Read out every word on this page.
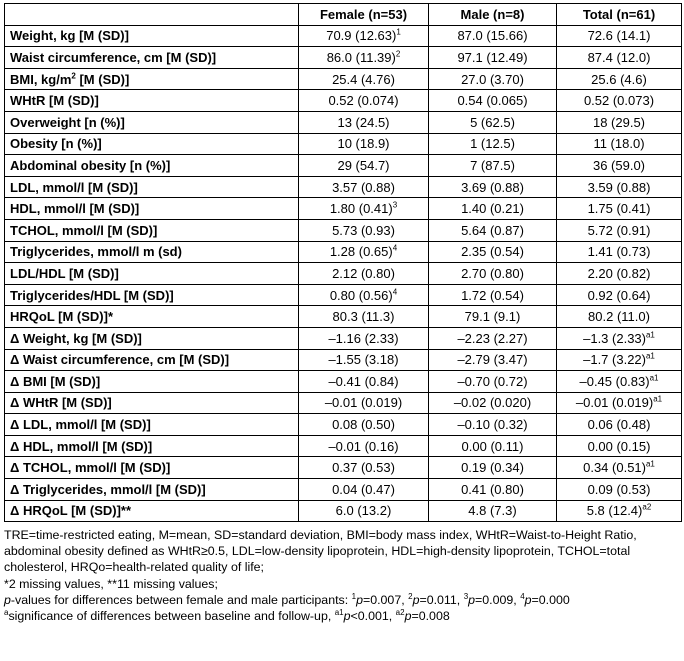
	Female (n=53)	Male (n=8)	Total (n=61)
Weight, kg [M (SD)]	70.9 $(12.63)^1$	87.0 (15.66)	72.6 (14.1)
Waist circumference, cm [M (SD)]	86.0 $(11.39)^2$	97.1 (12.49)	87.4 (12.0)
BMI, $kg/m^2$ [M (SD)]	25.4 (4.76)	27.0 (3.70)	25.6 (4.6)
WHtR [M (SD)]	0.52 (0.074)	0.54 (0.065)	0.52 (0.073)
Overweight [n (%)]	13 (24.5)	5 (62.5)	18 (29.5)
Obesity [n (%)]	10 (18.9)	1 (12.5)	11 (18.0)
Abdominal obesity [n (%)]	29 (54.7)	7 (87.5)	36 (59.0)
LDL, mmol/l [M (SD)]	3.57 (0.88)	3.69 (0.88)	3.59 (0.88)
HDL, mmol/l [M (SD)]	1.80 $(0.41)^3$	1.40 (0.21)	1.75 (0.41)
TCHOL, mmol/l [M (SD)]	5.73 (0.93)	5.64 (0.87)	5.72 (0.91)
Triglycerides, mmol/l m (sd)	1.28 $(0.65)^4$	2.35 (0.54)	1.41 (0.73)
LDL/HDL [M (SD)]	2.12 (0.80)	2.70 (0.80)	2.20 (0.82)
Triglycerides/HDL [M (SD)]	0.80 $(0.56)^4$	1.72 (0.54)	0.92 (0.64)
HRQoL [M (SD)]*	80.3 (11.3)	79.1 (9.1)	80.2 (11.0)
Δ Weight, kg [M (SD)]	–1.16 (2.33)	–2.23 (2.27)	–1.3 $(2.33)^{a1}$
Δ Waist circumference, cm [M (SD)]	–1.55 (3.18)	–2.79 (3.47)	–1.7 $(3.22)^{a1}$
Δ BMI [M (SD)]	–0.41 (0.84)	–0.70 (0.72)	–0.45 $(0.83)^{a1}$
Δ WHtR [M (SD)]	–0.01 (0.019)	–0.02 (0.020)	–0.01 $(0.019)^{a1}$
Δ LDL, mmol/l [M (SD)]	0.08 (0.50)	–0.10 (0.32)	0.06 (0.48)
Δ HDL, mmol/l [M (SD)]	–0.01 (0.16)	0.00 (0.11)	0.00 (0.15)
Δ TCHOL, mmol/l [M (SD)]	0.37 (0.53)	0.19 (0.34)	0.34 $(0.51)^{a1}$
Δ Triglycerides, mmol/l [M (SD)]	0.04 (0.47)	0.41 (0.80)	0.09 (0.53)
Δ HRQoL [M (SD)]**	6.0 (13.2)	4.8 (7.3)	5.8 $(12.4)^{a2}$

TRE=time-restricted eating, M=mean, SD=standard deviation, BMI=body mass index, WHtR=Waist-to-Height Ratio, abdominal obesity defined as WHtR≥0.5, LDL=low-density lipoprotein, HDL=high-density lipoprotein, TCHOL=total cholesterol, HRQo=health-related quality of life;

*2 missing values, **11 missing values;

p-values for differences between female and male participants: $^1$p=0.007, $^2$p=0.011, $^3$p=0.009, $^4$p=0.000

$^a$significance of differences between baseline and follow-up, $^{a1}$p<0.001, $^{a2}$p=0.008
